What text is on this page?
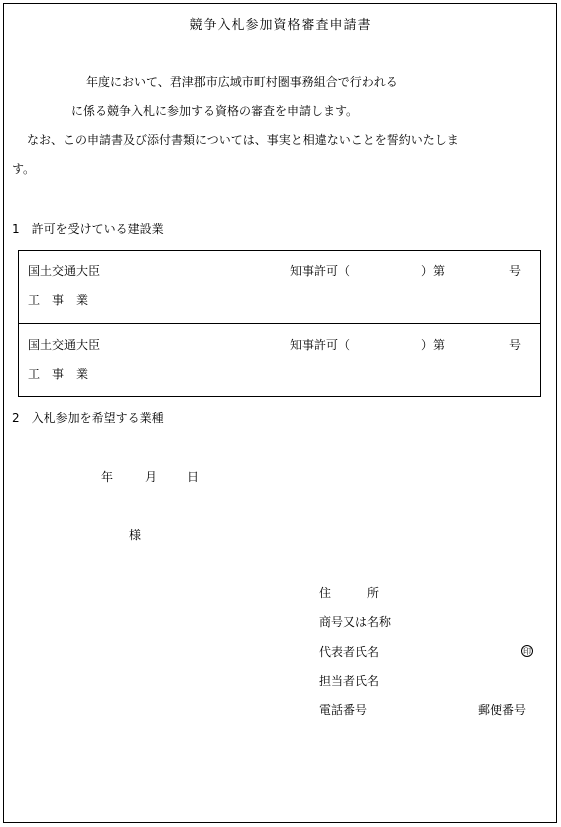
競争入札参加資格審査申請書
年度において、君津郡市広域市町村圏事務組合で行われる
に係る競争入札に参加する資格の審査を申請します。
なお、この申請書及び添付書類については、事実と相違ないことを誓約いたしま
す。
1　許可を受けている建設業
国土交通大臣	知事許可（	）第	号
工　事　業
国土交通大臣	知事許可（	）第	号
工　事　業
2　入札参加を希望する業種
年	月 日
様
住　　　所
商号又は名称
代表者氏名	印
担当者氏名
電話番号	郵便番号
